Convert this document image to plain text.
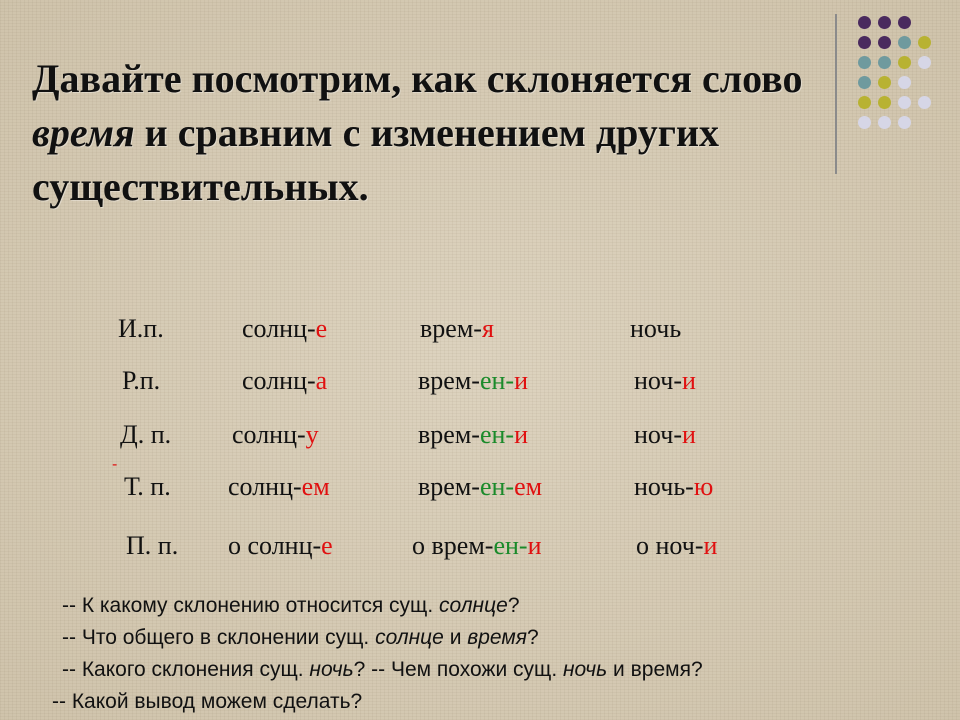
Давайте посмотрим, как склоняется слово
время и сравним с изменением других
существительных.
И.п.	солнц-е	врем-я	ночь
Р.п.	солнц-а	врем-ен-и	ноч-и
Д. п. солнц-у	врем-ен-и	ноч-и
-
Т. п. солнц-ем	врем-ен-ем	ночь-ю
П. п. о солнц-е	о врем-ен-и	о ноч-и
-- К какому склонению относится сущ. солнце?
-- Что общего в склонении сущ. солнце и время?
-- Какого склонения сущ. ночь? -- Чем похожи сущ. ночь и время?
-- Какой вывод можем сделать?
